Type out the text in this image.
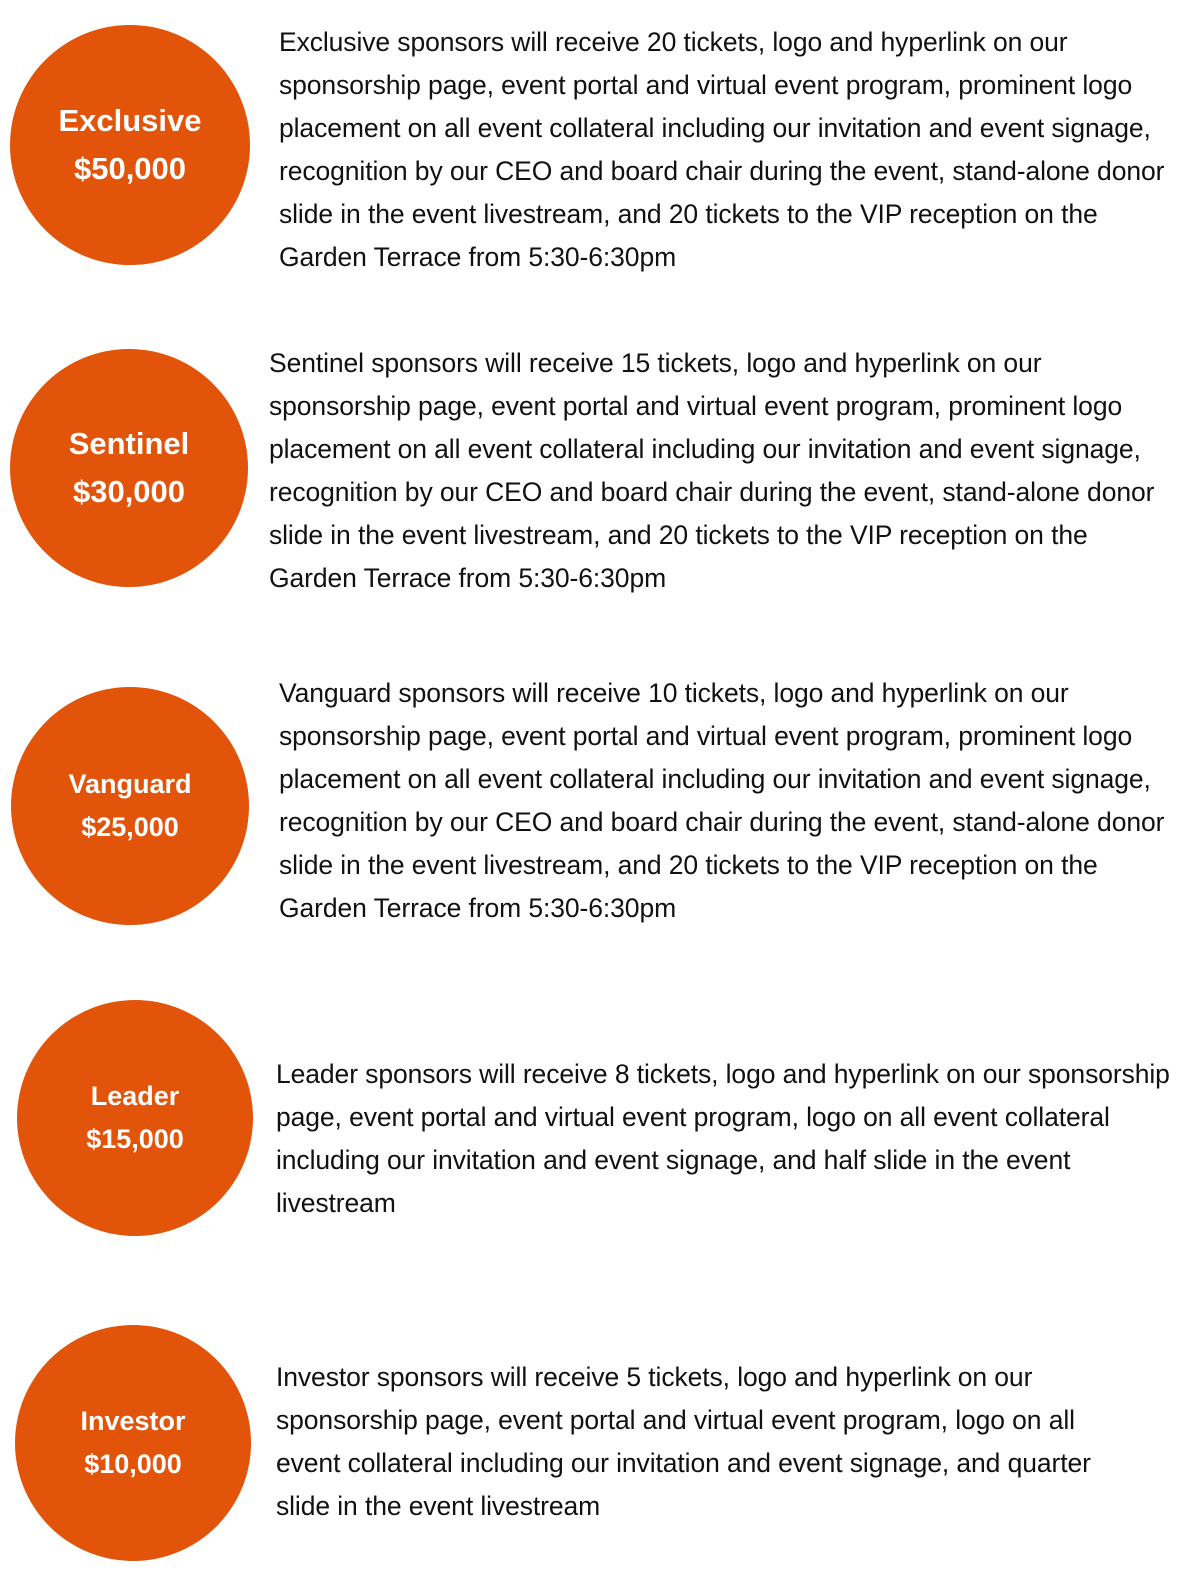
Exclusive
$50,000

Exclusive sponsors will receive 20 tickets, logo and hyperlink on our sponsorship page, event portal and virtual event program, prominent logo placement on all event collateral including our invitation and event signage, recognition by our CEO and board chair during the event, stand-alone donor slide in the event livestream, and 20 tickets to the VIP reception on the Garden Terrace from 5:30-6:30pm

Sentinel
$30,000

Sentinel sponsors will receive 15 tickets, logo and hyperlink on our sponsorship page, event portal and virtual event program, prominent logo placement on all event collateral including our invitation and event signage, recognition by our CEO and board chair during the event, stand-alone donor slide in the event livestream, and 20 tickets to the VIP reception on the Garden Terrace from 5:30-6:30pm

Vanguard
$25,000

Vanguard sponsors will receive 10 tickets, logo and hyperlink on our sponsorship page, event portal and virtual event program, prominent logo placement on all event collateral including our invitation and event signage, recognition by our CEO and board chair during the event, stand-alone donor slide in the event livestream, and 20 tickets to the VIP reception on the Garden Terrace from 5:30-6:30pm

Leader
$15,000

Leader sponsors will receive 8 tickets, logo and hyperlink on our sponsorship page, event portal and virtual event program, logo on all event collateral including our invitation and event signage, and half slide in the event livestream

Investor
$10,000

Investor sponsors will receive 5 tickets, logo and hyperlink on our sponsorship page, event portal and virtual event program, logo on all event collateral including our invitation and event signage, and quarter slide in the event livestream
